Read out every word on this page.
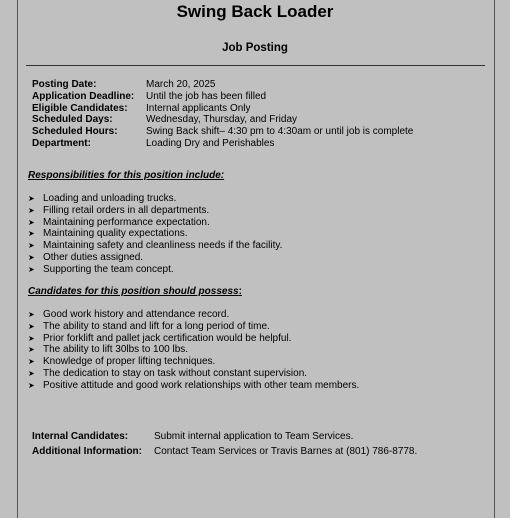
Swing Back Loader
Job Posting
Posting Date:	March 20, 2025
Application Deadline:	Until the job has been filled
Eligible Candidates:	Internal applicants Only
Scheduled Days:	Wednesday, Thursday, and Friday
Scheduled Hours:	Swing Back shift– 4:30 pm to 4:30am or until job is complete
Department:	Loading Dry and Perishables
Responsibilities for this position include:
➤ Loading and unloading trucks.
➤ Filling retail orders in all departments.
➤ Maintaining performance expectation.
➤ Maintaining quality expectations.
➤ Maintaining safety and cleanliness needs if the facility.
➤ Other duties assigned.
➤ Supporting the team concept.
Candidates for this position should possess:
➤ Good work history and attendance record.
➤ The ability to stand and lift for a long period of time.
➤ Prior forklift and pallet jack certification would be helpful.
➤ The ability to lift 30lbs to 100 lbs.
➤ Knowledge of proper lifting techniques.
➤ The dedication to stay on task without constant supervision.
➤ Positive attitude and good work relationships with other team members.
Internal Candidates:	Submit internal application to Team Services.
Additional Information:	Contact Team Services or Travis Barnes at (801) 786-8778.
